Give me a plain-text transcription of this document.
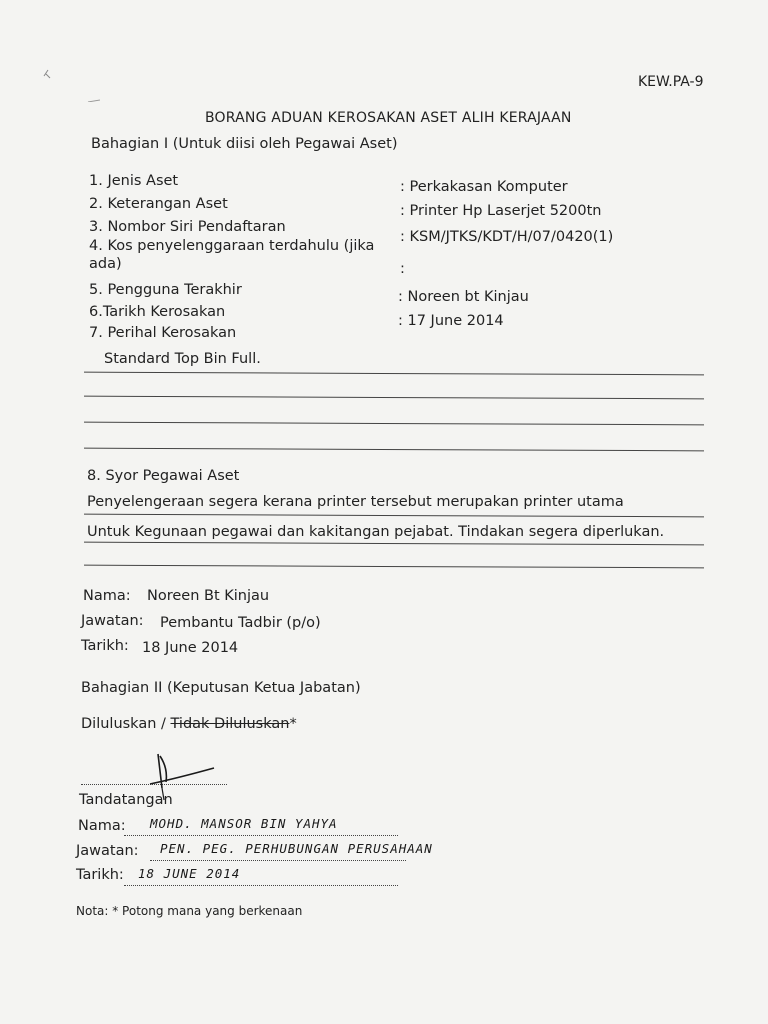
KEW.PA-9
BORANG ADUAN KEROSAKAN ASET ALIH KERAJAAN
Bahagian I (Untuk diisi oleh Pegawai Aset)
1. Jenis Aset
2. Keterangan Aset
3. Nombor Siri Pendaftaran
4. Kos penyelenggaraan terdahulu (jika
ada)
5. Pengguna Terakhir
6.Tarikh Kerosakan
7. Perihal Kerosakan
: Perkakasan Komputer
: Printer Hp Laserjet 5200tn
: KSM/JTKS/KDT/H/07/0420(1)
:
: Noreen bt Kinjau
: 17 June 2014
Standard Top Bin Full.
8. Syor Pegawai Aset
Penyelengeraan segera kerana printer tersebut merupakan printer utama
Untuk Kegunaan pegawai dan kakitangan pejabat. Tindakan segera diperlukan.
Nama: Noreen Bt Kinjau
Jawatan: Pembantu Tadbir (p/o)
Tarikh: 18 June 2014
Bahagian II (Keputusan Ketua Jabatan)
Diluluskan / Tidak Diluluskan*
Tandatangan
Nama: MOHD. MANSOR BIN YAHYA
Jawatan: PEN. PEG. PERHUBUNGAN PERUSAHAAN
Tarikh: 18 JUNE 2014
Nota: * Potong mana yang berkenaan
